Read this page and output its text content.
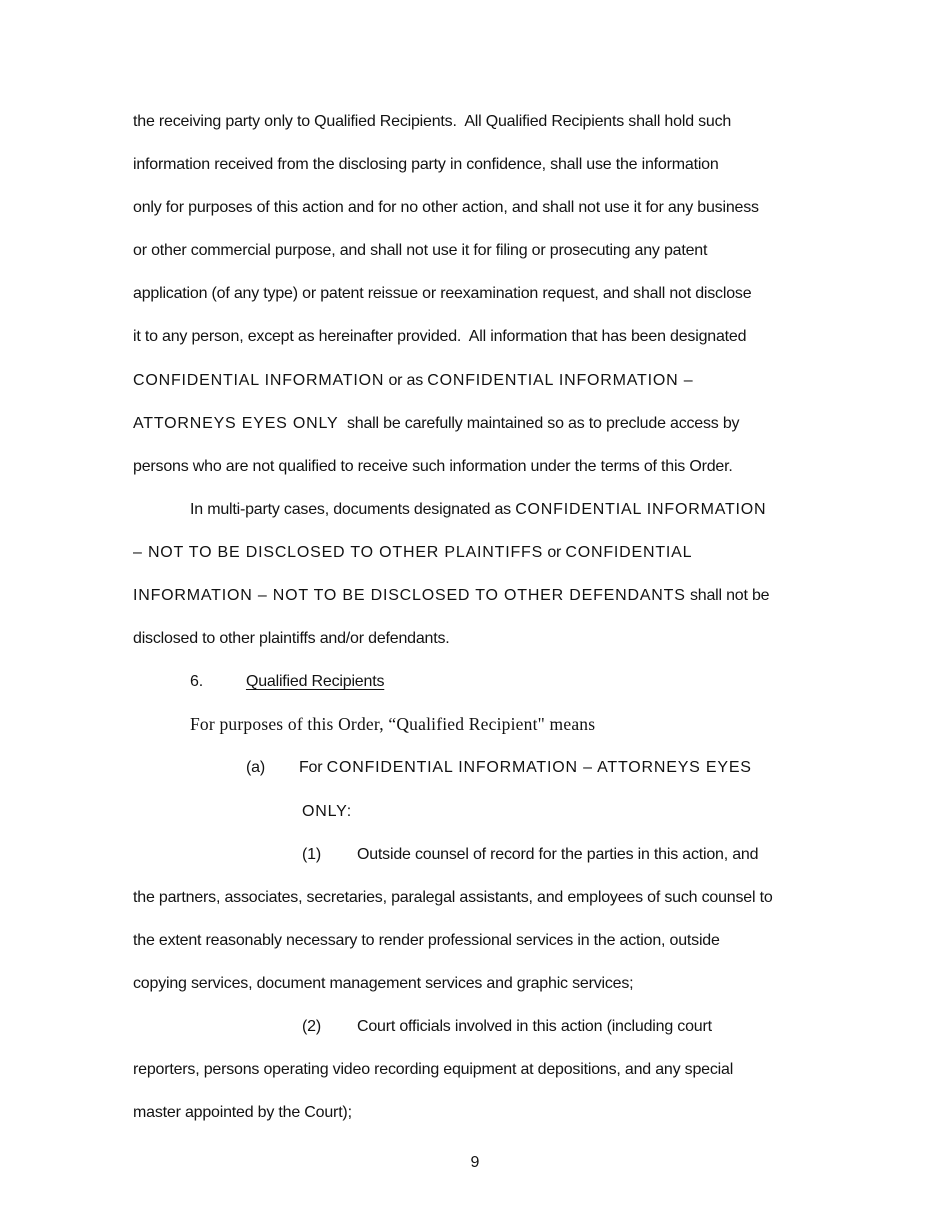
the receiving party only to Qualified Recipients.  All Qualified Recipients shall hold such
information received from the disclosing party in confidence, shall use the information
only for purposes of this action and for no other action, and shall not use it for any business
or other commercial purpose, and shall not use it for filing or prosecuting any patent
application (of any type) or patent reissue or reexamination request, and shall not disclose
it to any person, except as hereinafter provided.  All information that has been designated
CONFIDENTIAL INFORMATION or as CONFIDENTIAL INFORMATION –
ATTORNEYS EYES ONLY  shall be carefully maintained so as to preclude access by
persons who are not qualified to receive such information under the terms of this Order.
In multi-party cases, documents designated as CONFIDENTIAL INFORMATION
– NOT TO BE DISCLOSED TO OTHER PLAINTIFFS or CONFIDENTIAL
INFORMATION – NOT TO BE DISCLOSED TO OTHER DEFENDANTS shall not be
disclosed to other plaintiffs and/or defendants.
6.	Qualified Recipients
For purposes of this Order, “Qualified Recipient" means
(a) For CONFIDENTIAL INFORMATION – ATTORNEYS EYES
ONLY:
(1) Outside counsel of record for the parties in this action, and
the partners, associates, secretaries, paralegal assistants, and employees of such counsel to
the extent reasonably necessary to render professional services in the action, outside
copying services, document management services and graphic services;
(2) Court officials involved in this action (including court
reporters, persons operating video recording equipment at depositions, and any special
master appointed by the Court);
9
